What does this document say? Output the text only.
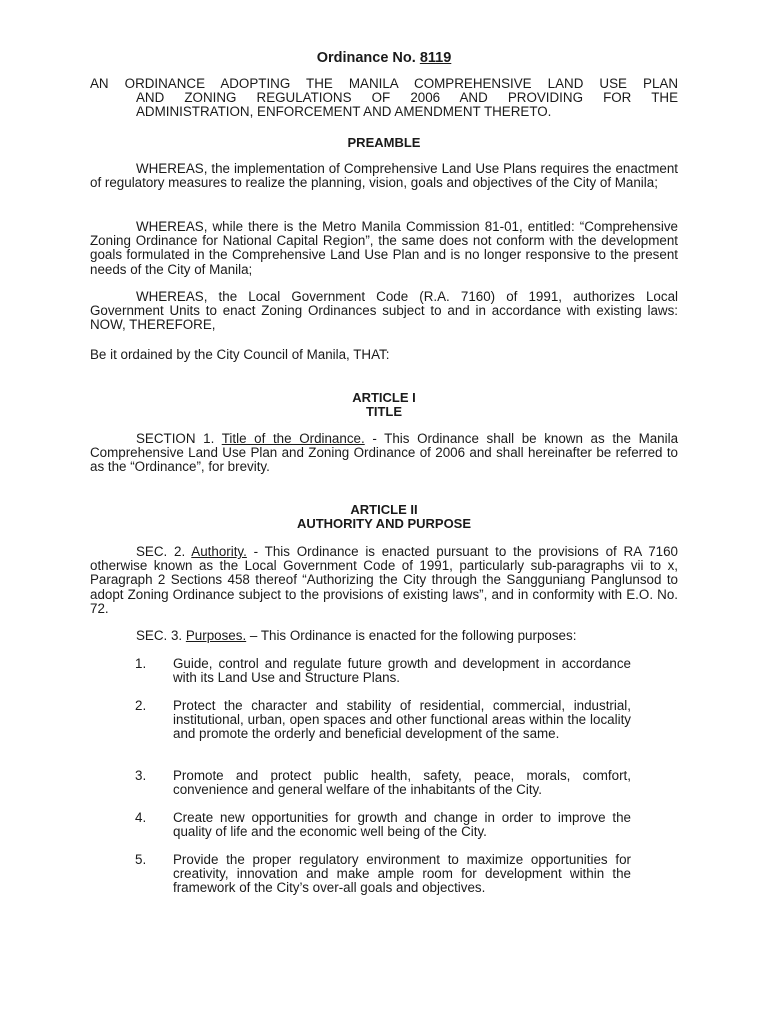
Ordinance No. 8119
AN ORDINANCE ADOPTING THE MANILA COMPREHENSIVE LAND USE PLAN
AND ZONING REGULATIONS OF 2006 AND PROVIDING FOR THE
ADMINISTRATION, ENFORCEMENT AND AMENDMENT THERETO.
PREAMBLE
WHEREAS, the implementation of Comprehensive Land Use Plans requires the enactment of regulatory measures to realize the planning, vision, goals and objectives of the City of Manila;
WHEREAS, while there is the Metro Manila Commission 81-01, entitled: “Comprehensive Zoning Ordinance for National Capital Region”, the same does not conform with the development goals formulated in the Comprehensive Land Use Plan and is no longer responsive to the present needs of the City of Manila;
WHEREAS, the Local Government Code (R.A. 7160) of 1991, authorizes Local Government Units to enact Zoning Ordinances subject to and in accordance with existing laws: NOW, THEREFORE,
Be it ordained by the City Council of Manila, THAT:
ARTICLE I
TITLE
SECTION 1. Title of the Ordinance. - This Ordinance shall be known as the Manila Comprehensive Land Use Plan and Zoning Ordinance of 2006 and shall hereinafter be referred to as the “Ordinance”, for brevity.
ARTICLE II
AUTHORITY AND PURPOSE
SEC. 2. Authority. - This Ordinance is enacted pursuant to the provisions of RA 7160 otherwise known as the Local Government Code of 1991, particularly sub-paragraphs vii to x, Paragraph 2 Sections 458 thereof “Authorizing the City through the Sangguniang Panglunsod to adopt Zoning Ordinance subject to the provisions of existing laws”, and in conformity with E.O. No. 72.
SEC. 3. Purposes. – This Ordinance is enacted for the following purposes:
1. Guide, control and regulate future growth and development in accordance with its Land Use and Structure Plans.
2. Protect the character and stability of residential, commercial, industrial, institutional, urban, open spaces and other functional areas within the locality and promote the orderly and beneficial development of the same.
3. Promote and protect public health, safety, peace, morals, comfort, convenience and general welfare of the inhabitants of the City.
4. Create new opportunities for growth and change in order to improve the quality of life and the economic well being of the City.
5. Provide the proper regulatory environment to maximize opportunities for creativity, innovation and make ample room for development within the framework of the City’s over-all goals and objectives.
